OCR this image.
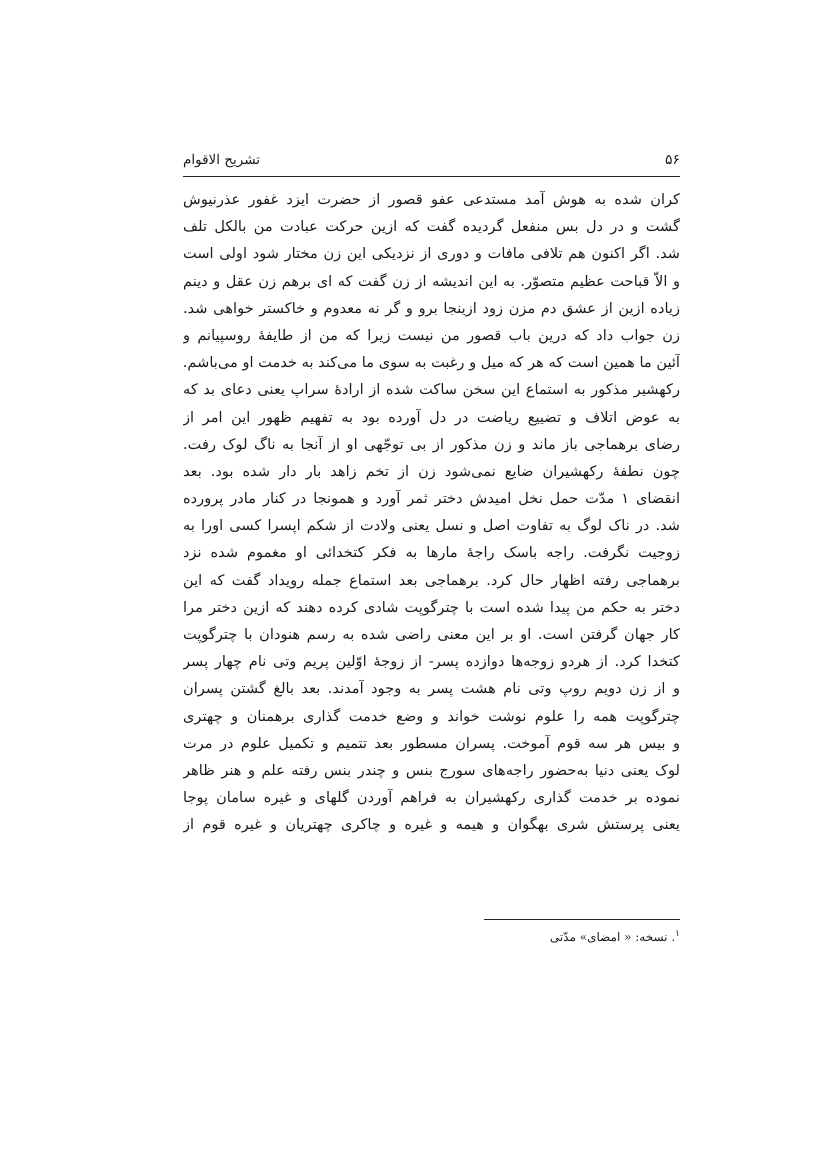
۵۶
تشریح الاقوام
کران شده به هوش آمد مستدعی عفو قصور از حضرت ایزد غفور عذرنیوش
گشت و در دل بس منفعل گردیده گفت که ازین حرکت عبادت من بالکل تلف
شد. اگر اکنون هم تلافی مافات و دوری از نزدیکی این زن مختار شود اولی است
و الاّ قباحت عظیم متصوّر. به این اندیشه از زن گفت که ای برهم زن عقل و دینم
زیاده ازین از عشق دم مزن زود ازینجا برو و گر نه معدوم و خاکستر خواهی شد.
زن جواب داد که درین باب قصور من نیست زیرا که من از طایفۀ روسپیانم و
آئین ما همین است که هر که میل و رغبت به سوی ما می‌کند به خدمت او می‌باشم.
رکهشیر مذکور به استماع این سخن ساکت شده از ارادۀ سراپ یعنی دعای بد که
به عوض اتلاف و تضییع ریاضت در دل آورده بود به تفهیم ظهور این امر از
رضای برهماجی باز ماند و زن مذکور از بی توجّهی او از آنجا به ناگ لوک رفت.
چون نطفۀ رکهشیران ضایع نمی‌شود زن از تخم زاهد بار دار شده بود. بعد
انقضای ۱ مدّت حمل نخل امیدش دختر ثمر آورد و همونجا در کنار مادر پرورده
شد. در ناک لوگ به تفاوت اصل و نسل یعنی ولادت از شکم اپسرا کسی اورا به
زوجیت نگرفت. راجه باسک راجۀ مارها به فکر کتخدائی او مغموم شده نزد
برهماجی رفته اظهار حال کرد. برهماجی بعد استماع جمله رویداد گفت که این
دختر به حکم من پیدا شده است با چترگوپت شادی کرده دهند که ازین دختر مرا
کار جهان گرفتن است. او بر این معنی راضی شده به رسم هنودان با چترگوپت
کتخدا کرد. از هردو زوجه‌ها دوازده پسر- از زوجۀ اوّلین پریم وتی نام چهار پسر
و از زن دویم روپ وتی نام هشت پسر به وجود آمدند. بعد بالغ گشتن پسران
چترگوپت همه را علوم نوشت خواند و وضع خدمت گذاری برهمنان و چهتری
و بیس هر سه قوم آموخت. پسران مسطور بعد تتمیم و تکمیل علوم در مرت
لوک یعنی دنیا به‌حضور راجه‌های سورج بنس و چندر بنس رفته علم و هنر ظاهر
نموده بر خدمت گذاری رکهشیران به فراهم آوردن گلهای و غیره سامان پوجا
یعنی پرستش شری بهگوان و هیمه و غیره و چاکری چهتریان و غیره قوم از
$^۱$. نسخه: « امضای» مدّتی
